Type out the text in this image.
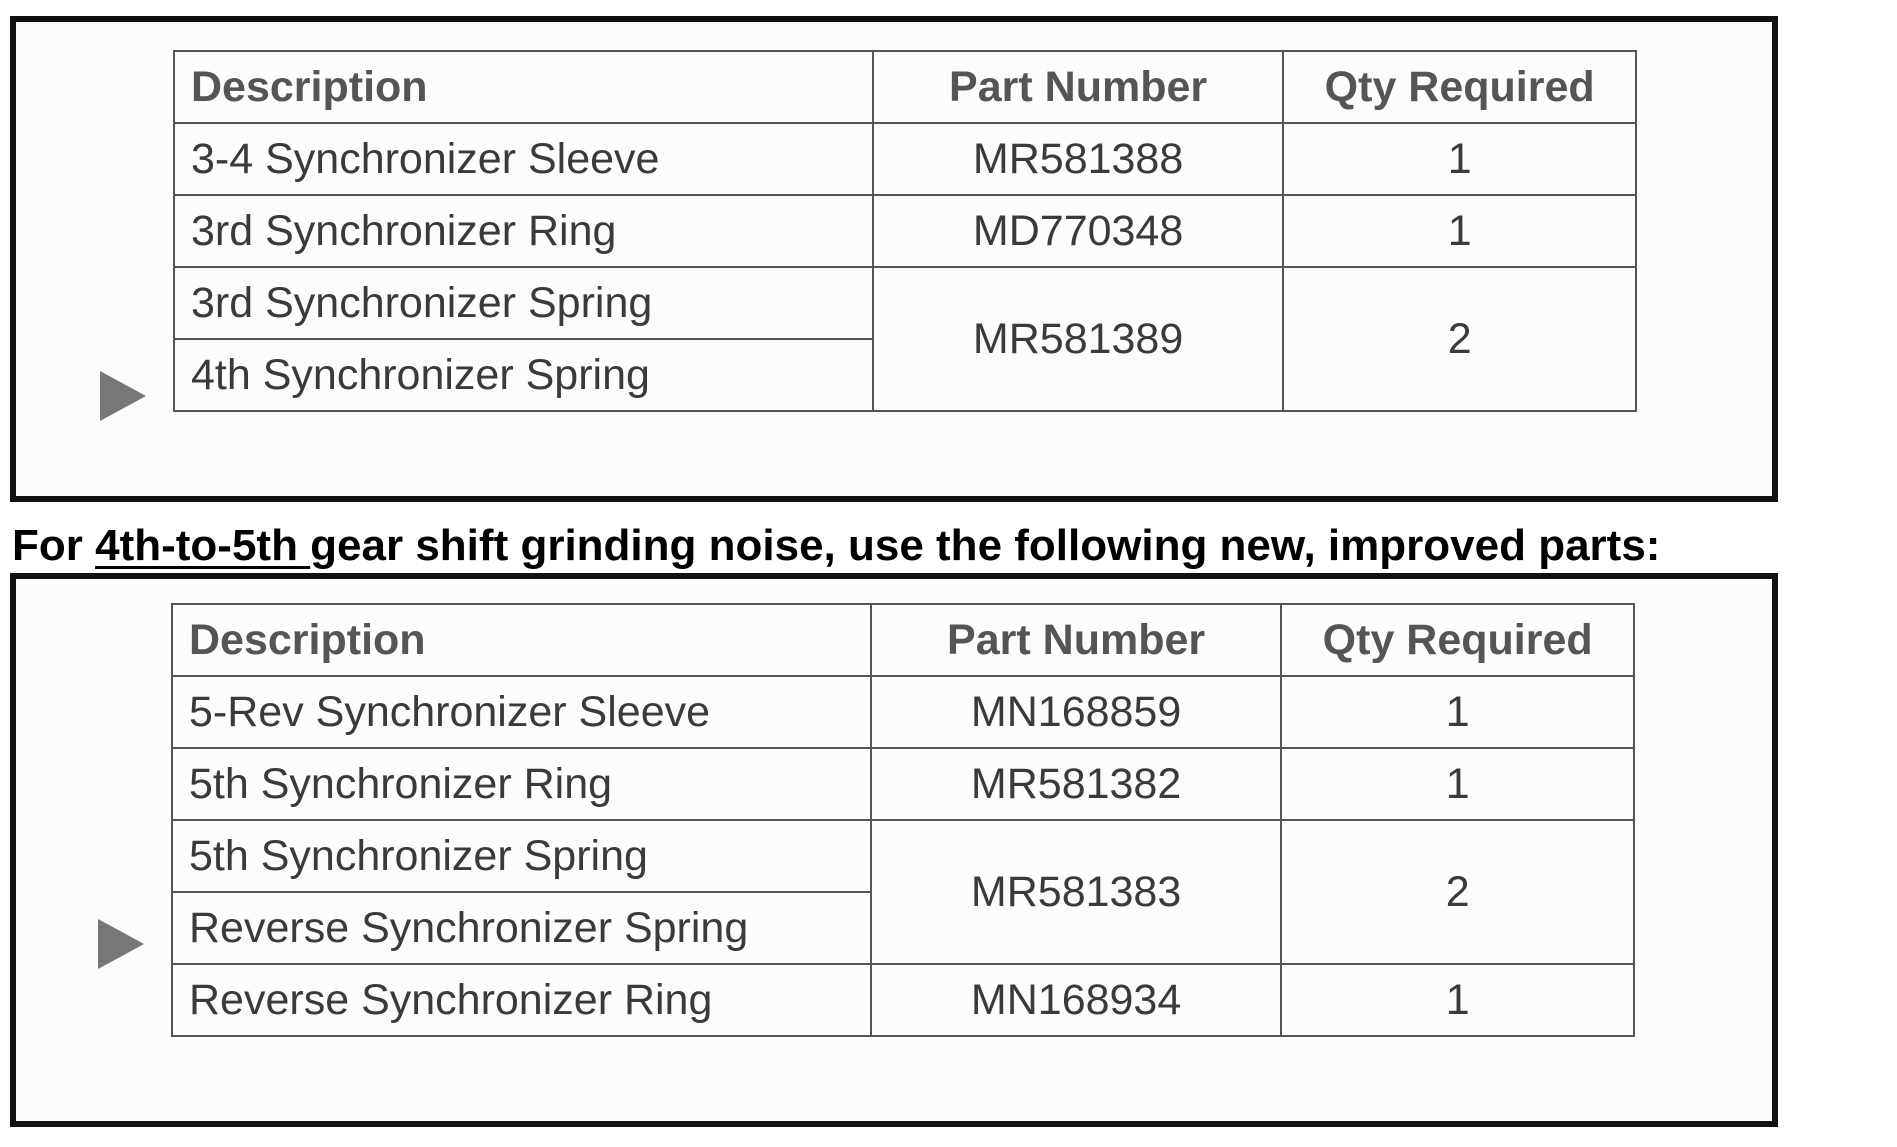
Description	Part Number	Qty Required
3-4 Synchronizer Sleeve	MR581388	1
3rd Synchronizer Ring	MD770348	1
3rd Synchronizer Spring	MR581389	2
4th Synchronizer Spring		
For 4th-to-5th gear shift grinding noise, use the following new, improved parts:
Description	Part Number	Qty Required
5-Rev Synchronizer Sleeve	MN168859	1
5th Synchronizer Ring	MR581382	1
5th Synchronizer Spring	MR581383	2
Reverse Synchronizer Spring		
Reverse Synchronizer Ring	MN168934	1
